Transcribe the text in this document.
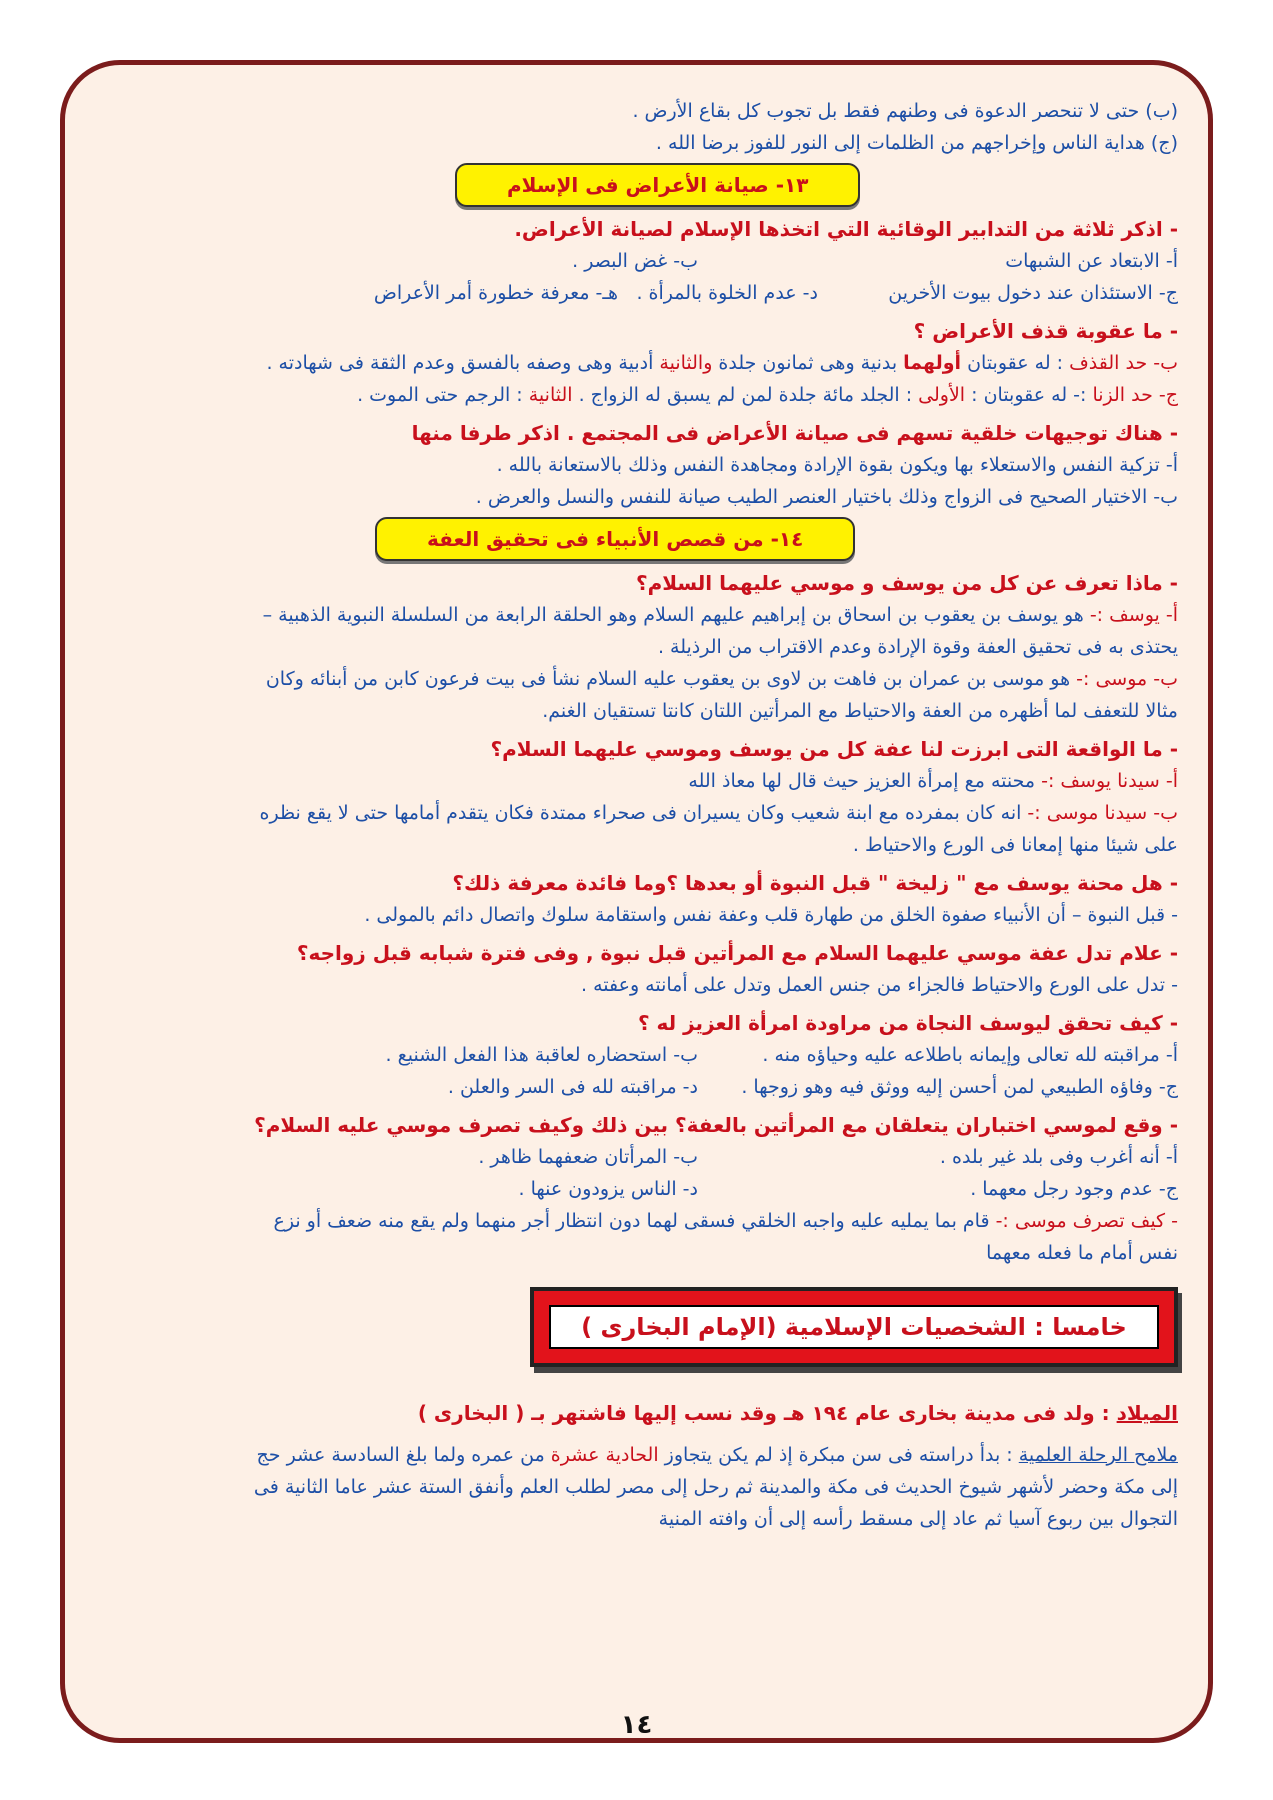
(ب) حتى لا تنحصر الدعوة فى وطنهم فقط بل تجوب كل بقاع الأرض .

(ج) هداية الناس وإخراجهم من الظلمات إلى النور للفوز برضا الله .

١٣- صيانة الأعراض فى الإسلام

- اذكر ثلاثة من التدابير الوقائية التي اتخذها الإسلام لصيانة الأعراض.

أ- الابتعاد عن الشبهات
ب- غض البصر .
ج- الاستئذان عند دخول بيوت الأخرين
د- عدم الخلوة بالمرأة .
هـ- معرفة خطورة أمر الأعراض

- ما عقوبة قذف الأعراض ؟

ب- حد القذف : له عقوبتان أولهما بدنية وهى ثمانون جلدة والثانية أدبية وهى وصفه بالفسق وعدم الثقة فى شهادته .

ج- حد الزنا :- له عقوبتان : الأولى : الجلد مائة جلدة لمن لم يسبق له الزواج . الثانية : الرجم حتى الموت .

- هناك توجيهات خلقية تسهم فى صيانة الأعراض فى المجتمع . اذكر طرفا منها

أ- تزكية النفس والاستعلاء بها ويكون بقوة الإرادة ومجاهدة النفس وذلك بالاستعانة بالله .

ب- الاختيار الصحيح فى الزواج وذلك باختيار العنصر الطيب صيانة للنفس والنسل والعرض .

١٤- من قصص الأنبياء فى تحقيق العفة

- ماذا تعرف عن كل من يوسف و موسي عليهما السلام؟

أ- يوسف :- هو يوسف بن يعقوب بن اسحاق بن إبراهيم عليهم السلام وهو الحلقة الرابعة من السلسلة النبوية الذهبية –

يحتذى به فى تحقيق العفة وقوة الإرادة وعدم الاقتراب من الرذيلة .

ب- موسى :- هو موسى بن عمران بن فاهت بن لاوى بن يعقوب عليه السلام نشأ فى بيت فرعون كابن من أبنائه وكان

مثالا للتعفف لما أظهره من العفة والاحتياط مع المرأتين اللتان كانتا تستقيان الغنم.

- ما الواقعة التى ابرزت لنا عفة كل من يوسف وموسي عليهما السلام؟

أ- سيدنا يوسف :- محنته مع إمرأة العزيز حيث قال لها معاذ الله

ب- سيدنا موسى :- انه كان بمفرده مع ابنة شعيب وكان يسيران فى صحراء ممتدة فكان يتقدم أمامها حتى لا يقع نظره

على شيئا منها إمعانا فى الورع والاحتياط .

- هل محنة يوسف مع " زليخة " قبل النبوة أو بعدها ؟وما فائدة معرفة ذلك؟

- قبل النبوة – أن الأنبياء صفوة الخلق من طهارة قلب وعفة نفس واستقامة سلوك واتصال دائم بالمولى .

- علام تدل عفة موسي عليهما السلام مع المرأتين قبل نبوة , وفى فترة شبابه قبل زواجه؟

- تدل على الورع والاحتياط فالجزاء من جنس العمل وتدل على أمانته وعفته .

- كيف تحقق ليوسف النجاة من مراودة امرأة العزيز له ؟

أ- مراقبته لله تعالى وإيمانه باطلاعه عليه وحياؤه منه .
ب- استحضاره لعاقبة هذا الفعل الشنيع .
ج- وفاؤه الطبيعي لمن أحسن إليه ووثق فيه وهو زوجها .
د- مراقبته لله فى السر والعلن .

- وقع لموسي اختباران يتعلقان مع المرأتين بالعفة؟ بين ذلك وكيف تصرف موسي عليه السلام؟

أ- أنه أغرب وفى بلد غير بلده .
ب- المرأتان ضعفهما ظاهر .
ج- عدم وجود رجل معهما .
د- الناس يزودون عنها .

- كيف تصرف موسى :- قام بما يمليه عليه واجبه الخلقي فسقى لهما دون انتظار أجر منهما ولم يقع منه ضعف أو نزع

نفس أمام ما فعله معهما

خامسا : الشخصيات الإسلامية (الإمام البخارى )

الميلاد : ولد فى مدينة بخارى عام ١٩٤ هـ وقد نسب إليها فاشتهر بـ ( البخارى )

ملامح الرحلة العلمية : بدأ دراسته فى سن مبكرة إذ لم يكن يتجاوز الحادية عشرة من عمره ولما بلغ السادسة عشر حج

إلى مكة وحضر لأشهر شيوخ الحديث فى مكة والمدينة ثم رحل إلى مصر لطلب العلم وأنفق الستة عشر عاما الثانية فى

التجوال بين ربوع آسيا ثم عاد إلى مسقط رأسه إلى أن وافته المنية

١٤
